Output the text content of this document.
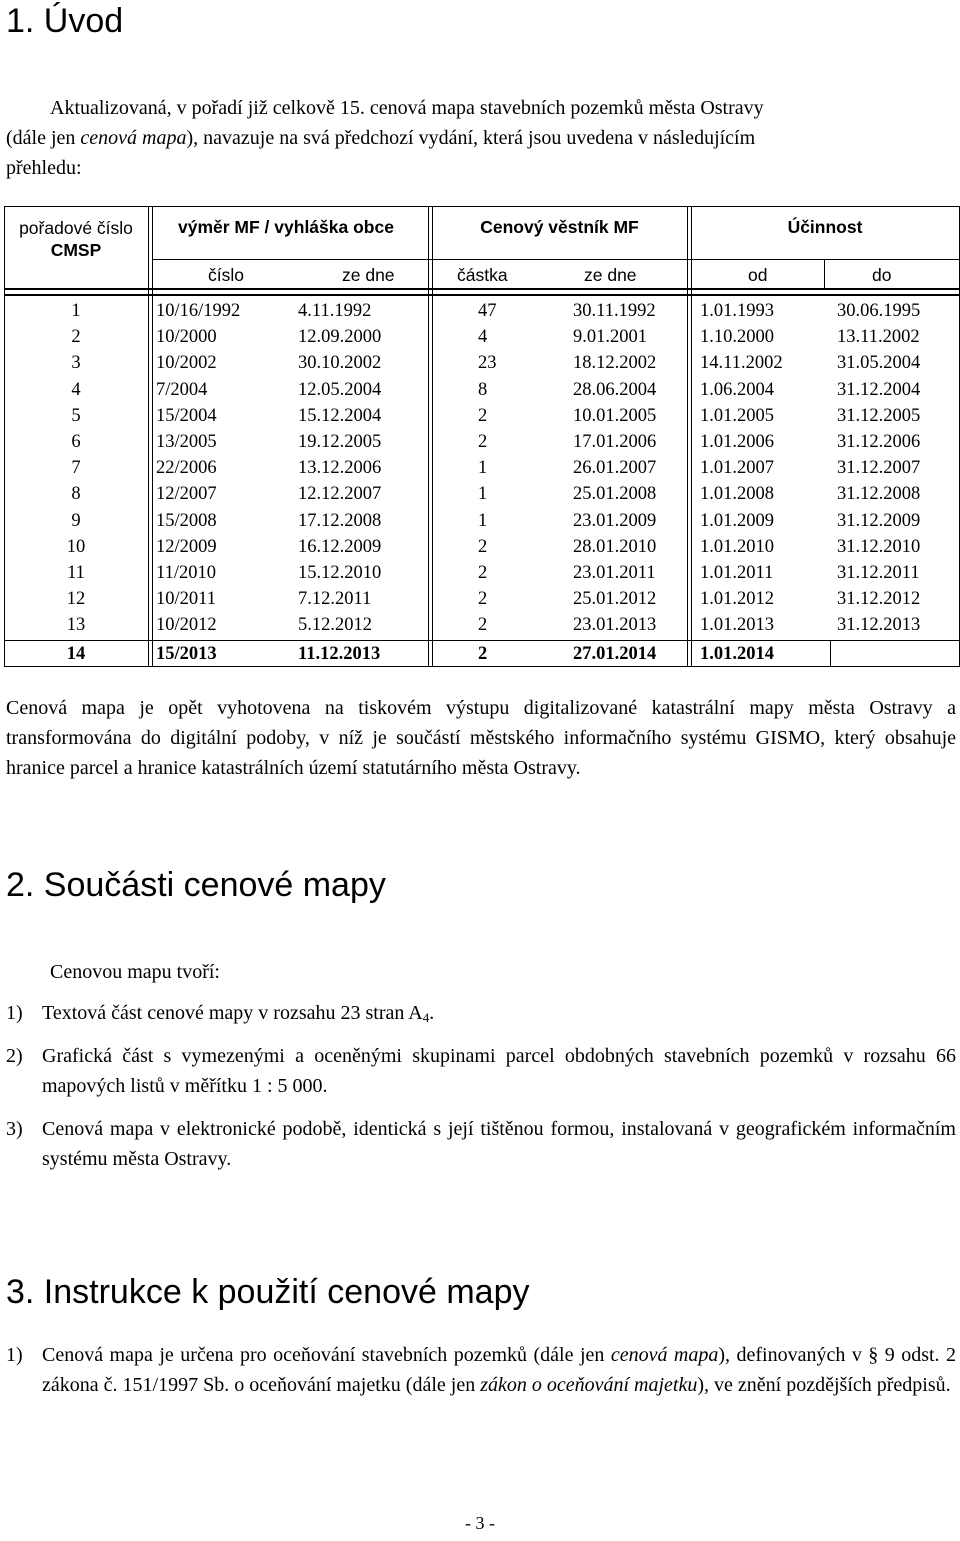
1. Úvod
Aktualizovaná, v pořadí již celkově 15. cenová mapa stavebních pozemků města Ostravy
(dále jen cenová mapa), navazuje na svá předchozí vydání, která jsou uvedena v následujícím
přehledu:
pořadové číslo
CMSP
výměr MF / vyhláška obce	Cenový věstník MF	Účinnost
číslo	ze dne	částka	ze dne	od	do
1	10/16/1992	4.11.1992	47	30.11.1992	1.01.1993	30.06.1995
2	10/2000	12.09.2000	4	9.01.2001	1.10.2000	13.11.2002
3	10/2002	30.10.2002	23	18.12.2002	14.11.2002	31.05.2004
4	7/2004	12.05.2004	8	28.06.2004	1.06.2004	31.12.2004
5	15/2004	15.12.2004	2	10.01.2005	1.01.2005	31.12.2005
6	13/2005	19.12.2005	2	17.01.2006	1.01.2006	31.12.2006
7	22/2006	13.12.2006	1	26.01.2007	1.01.2007	31.12.2007
8	12/2007	12.12.2007	1	25.01.2008	1.01.2008	31.12.2008
9	15/2008	17.12.2008	1	23.01.2009	1.01.2009	31.12.2009
10	12/2009	16.12.2009	2	28.01.2010	1.01.2010	31.12.2010
11	11/2010	15.12.2010	2	23.01.2011	1.01.2011	31.12.2011
12	10/2011	7.12.2011	2	25.01.2012	1.01.2012	31.12.2012
13	10/2012	5.12.2012	2	23.01.2013	1.01.2013	31.12.2013
14	15/2013	11.12.2013	2	27.01.2014	1.01.2014
Cenová mapa je opět vyhotovena na tiskovém výstupu digitalizované katastrální mapy města Ostravy a transformována do digitální podoby, v níž je součástí městského informačního systému GISMO, který obsahuje hranice parcel a hranice katastrálních území statutárního města Ostravy.
2. Součásti cenové mapy
Cenovou mapu tvoří:
1) Textová část cenové mapy v rozsahu 23 stran $A_4$.
2) Grafická část s vymezenými a oceněnými skupinami parcel obdobných stavebních pozemků v rozsahu 66 mapových listů v měřítku 1 : 5 000.
3) Cenová mapa v elektronické podobě, identická s její tištěnou formou, instalovaná v geografickém informačním systému města Ostravy.
3. Instrukce k použití cenové mapy
1) Cenová mapa je určena pro oceňování stavebních pozemků (dále jen cenová mapa), definovaných v § 9 odst. 2 zákona č. 151/1997 Sb. o oceňování majetku (dále jen zákon o oceňování majetku), ve znění pozdějších předpisů.
- 3 -
